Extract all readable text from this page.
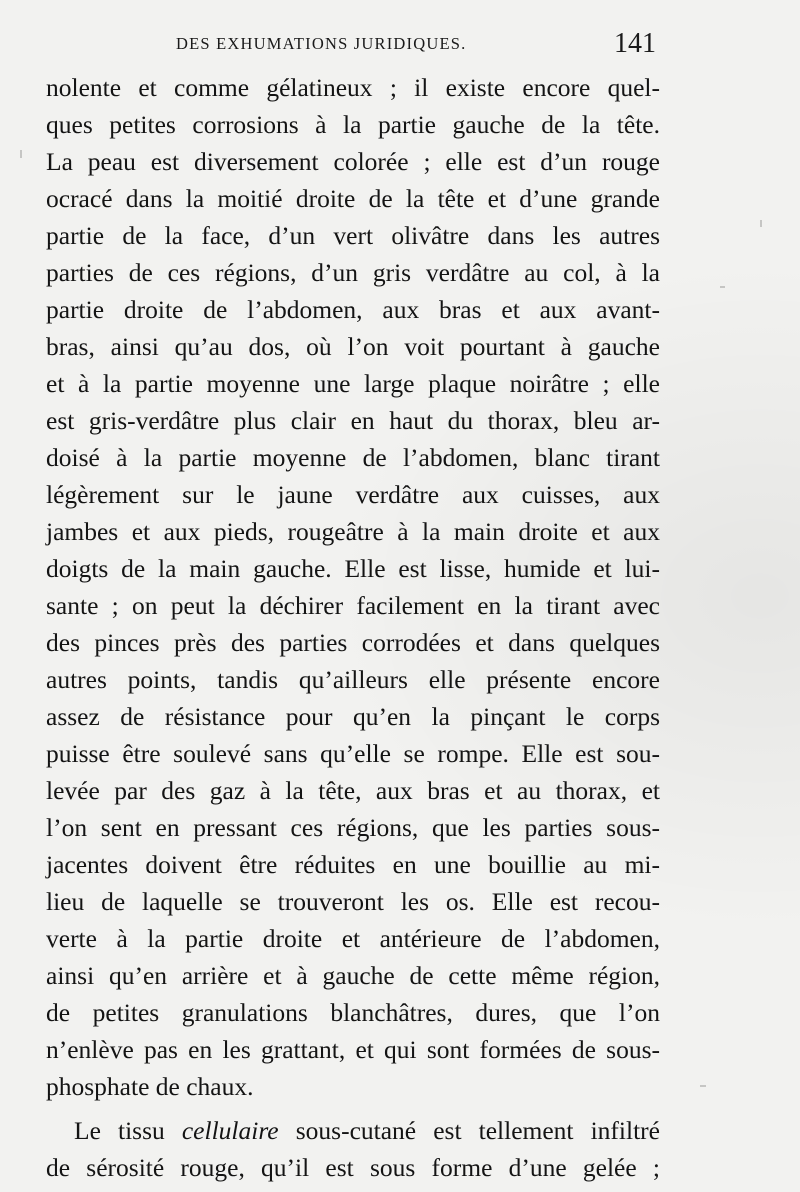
DES EXHUMATIONS JURIDIQUES.	141
nolente et comme gélatineux ; il existe encore quel-
ques petites corrosions à la partie gauche de la tête.
La peau est diversement colorée ; elle est d’un rouge
ocracé dans la moitié droite de la tête et d’une grande
partie de la face, d’un vert olivâtre dans les autres
parties de ces régions, d’un gris verdâtre au col, à la
partie droite de l’abdomen, aux bras et aux avant-
bras, ainsi qu’au dos, où l’on voit pourtant à gauche
et à la partie moyenne une large plaque noirâtre ; elle
est gris-verdâtre plus clair en haut du thorax, bleu ar-
doisé à la partie moyenne de l’abdomen, blanc tirant
légèrement sur le jaune verdâtre aux cuisses, aux
jambes et aux pieds, rougeâtre à la main droite et aux
doigts de la main gauche. Elle est lisse, humide et lui-
sante ; on peut la déchirer facilement en la tirant avec
des pinces près des parties corrodées et dans quelques
autres points, tandis qu’ailleurs elle présente encore
assez de résistance pour qu’en la pinçant le corps
puisse être soulevé sans qu’elle se rompe. Elle est sou-
levée par des gaz à la tête, aux bras et au thorax, et
l’on sent en pressant ces régions, que les parties sous-
jacentes doivent être réduites en une bouillie au mi-
lieu de laquelle se trouveront les os. Elle est recou-
verte à la partie droite et antérieure de l’abdomen,
ainsi qu’en arrière et à gauche de cette même région,
de petites granulations blanchâtres, dures, que l’on
n’enlève pas en les grattant, et qui sont formées de sous-
phosphate de chaux.
Le tissu cellulaire sous-cutané est tellement infiltré
de sérosité rouge, qu’il est sous forme d’une gelée ;
